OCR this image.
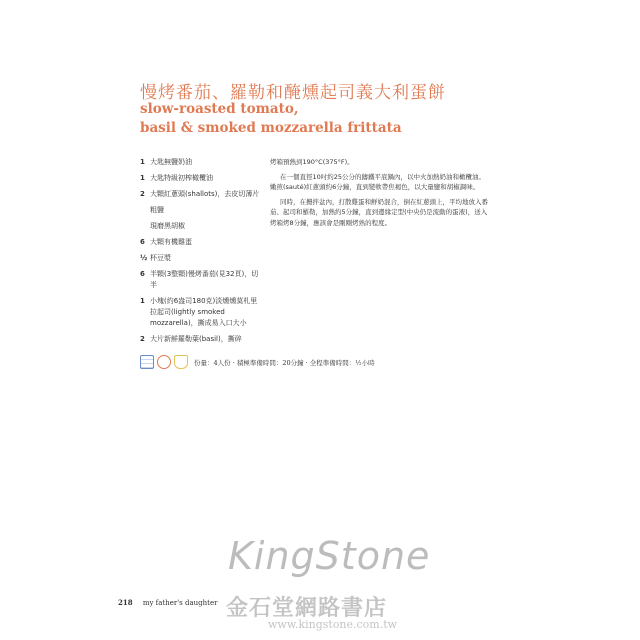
慢烤番茄、羅勒和醃燻起司義大利蛋餅
slow-roasted tomato,
basil & smoked mozzarella frittata
1 大匙無鹽奶油
1 大匙特級初榨橄欖油
2 大顆紅蔥頭(shallots)，去皮切薄片
粗鹽
現磨黑胡椒
6 大顆有機雞蛋
½ 杯豆漿
6 半顆(3整顆)慢烤番茄(見32頁)，切半
1 小塊(約6盎司180克)淡燻燻莫札里拉起司(lightly smoked mozzarella)，撕成易入口大小
2 大片新鮮羅勒葉(basil)，撕碎

烤箱預熱到190°C(375°F)。

在一個直徑10吋約25公分的鑄鐵平底鍋內，以中火加熱奶油和橄欖油。嫩煎(sauté)紅蔥頭約6分鐘，直到變軟帶焦褐色，以大量鹽和胡椒調味。

同時，在攪拌盆內，打散雞蛋和鮮奶混合，倒在紅蔥頭上，平均地放入番茄、起司和羅勒，加熱約5分鐘，直到邊緣定型(中央仍是流動的蛋液)，送入烤箱烤8分鐘，應該會是剛剛烤熟的程度。

份量：4人份 · 積極準備時間：20分鐘 · 全程準備時間：½小時
KingStone
金石堂網路書店
www.kingstone.com.tw
218 my father's daughter
